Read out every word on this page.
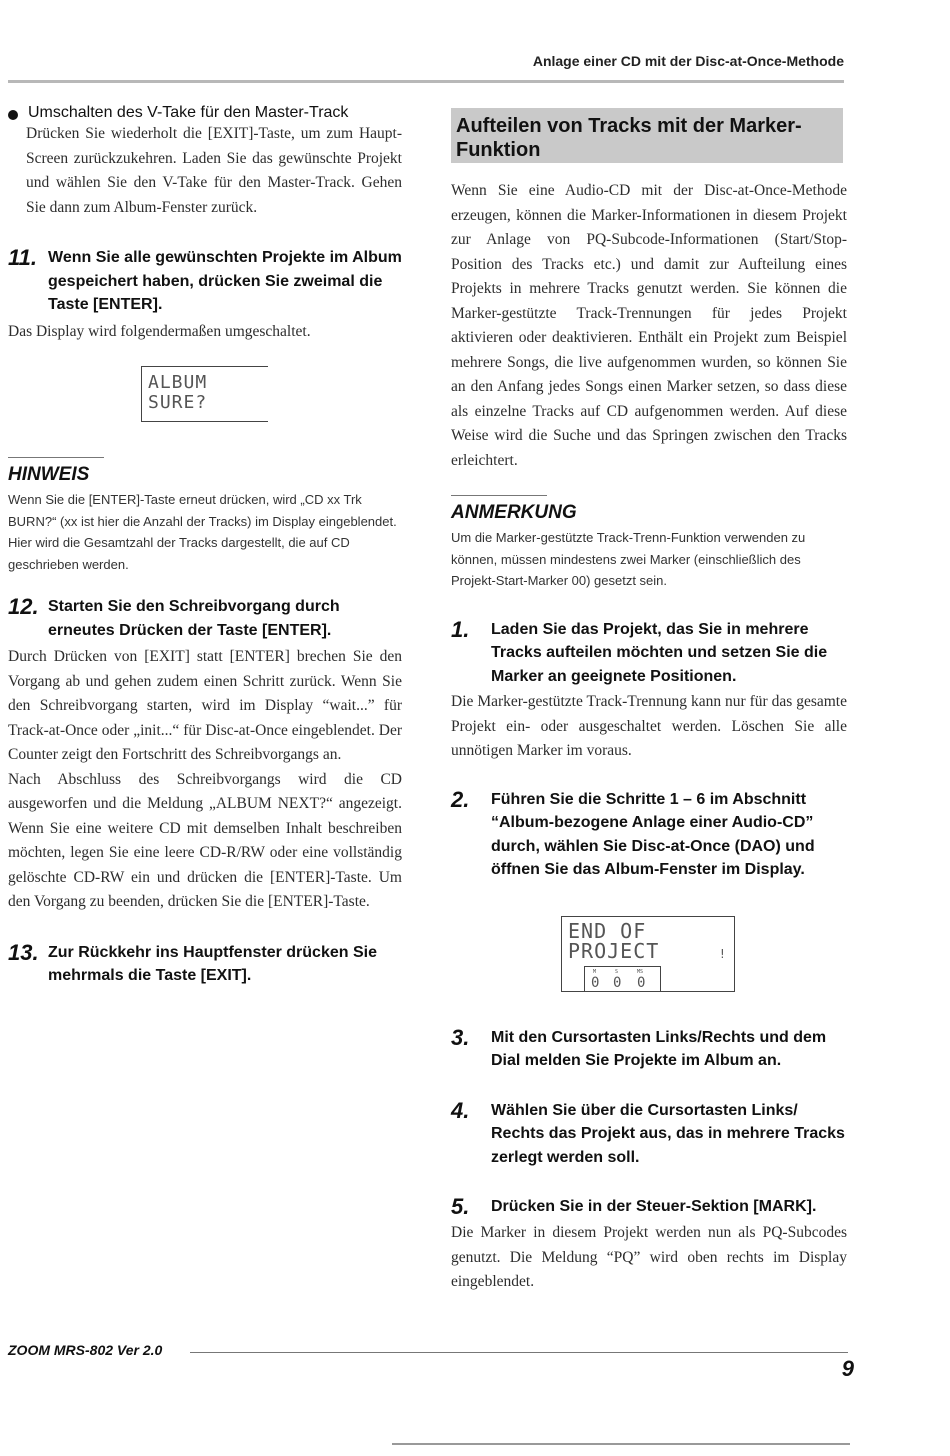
Anlage einer CD mit der Disc-at-Once-Methode
Umschalten des V-Take für den Master-Track
Drücken Sie wiederholt die [EXIT]-Taste, um zum Haupt-Screen zurückzukehren. Laden Sie das gewünschte Projekt und wählen Sie den V-Take für den Master-Track. Gehen Sie dann zum Album-Fenster zurück.
11. Wenn Sie alle gewünschten Projekte im Album gespeichert haben, drücken Sie zweimal die Taste [ENTER].
Das Display wird folgendermaßen umgeschaltet.
ALBUM
SURE?
HINWEIS
Wenn Sie die [ENTER]-Taste erneut drücken, wird „CD xx Trk BURN?“ (xx ist hier die Anzahl der Tracks) im Display eingeblendet. Hier wird die Gesamtzahl der Tracks dargestellt, die auf CD geschrieben werden.
12. Starten Sie den Schreibvorgang durch erneutes Drücken der Taste [ENTER].
Durch Drücken von [EXIT] statt [ENTER] brechen Sie den Vorgang ab und gehen zudem einen Schritt zurück. Wenn Sie den Schreibvorgang starten, wird im Display “wait...” für Track-at-Once oder „init...“ für Disc-at-Once eingeblendet. Der Counter zeigt den Fortschritt des Schreibvorgangs an.
Nach Abschluss des Schreibvorgangs wird die CD ausgeworfen und die Meldung „ALBUM NEXT?“ angezeigt. Wenn Sie eine weitere CD mit demselben Inhalt beschreiben möchten, legen Sie eine leere CD-R/RW oder eine vollständig gelöschte CD-RW ein und drücken die [ENTER]-Taste. Um den Vorgang zu beenden, drücken Sie die [ENTER]-Taste.
13. Zur Rückkehr ins Hauptfenster drücken Sie mehrmals die Taste [EXIT].
Aufteilen von Tracks mit der Marker-Funktion
Wenn Sie eine Audio-CD mit der Disc-at-Once-Methode erzeugen, können die Marker-Informationen in diesem Projekt zur Anlage von PQ-Subcode-Informationen (Start/Stop-Position des Tracks etc.) und damit zur Aufteilung eines Projekts in mehrere Tracks genutzt werden. Sie können die Marker-gestützte Track-Trennungen für jedes Projekt aktivieren oder deaktivieren. Enthält ein Projekt zum Beispiel mehrere Songs, die live aufgenommen wurden, so können Sie an den Anfang jedes Songs einen Marker setzen, so dass diese als einzelne Tracks auf CD aufgenommen werden. Auf diese Weise wird die Suche und das Springen zwischen den Tracks erleichtert.
ANMERKUNG
Um die Marker-gestützte Track-Trenn-Funktion verwenden zu können, müssen mindestens zwei Marker (einschließlich des Projekt-Start-Marker 00) gesetzt sein.
1.	Laden Sie das Projekt, das Sie in mehrere Tracks aufteilen möchten und setzen Sie die Marker an geeignete Positionen.
Die Marker-gestützte Track-Trennung kann nur für das gesamte Projekt ein- oder ausgeschaltet werden. Löschen Sie alle unnötigen Marker im voraus.
2.	Führen Sie die Schritte 1 – 6 im Abschnitt “Album-bezogene Anlage einer Audio-CD” durch, wählen Sie Disc-at-Once (DAO) und öffnen Sie das Album-Fenster im Display.
END OF
PROJECT	!
M	S	MS
0 0 0
3.	Mit den Cursortasten Links/Rechts und dem Dial melden Sie Projekte im Album an.
4.	Wählen Sie über die Cursortasten Links/ Rechts das Projekt aus, das in mehrere Tracks zerlegt werden soll.
5.	Drücken Sie in der Steuer-Sektion [MARK].
Die Marker in diesem Projekt werden nun als PQ-Subcodes genutzt. Die Meldung “PQ” wird oben rechts im Display eingeblendet.
ZOOM MRS-802 Ver 2.0
9
